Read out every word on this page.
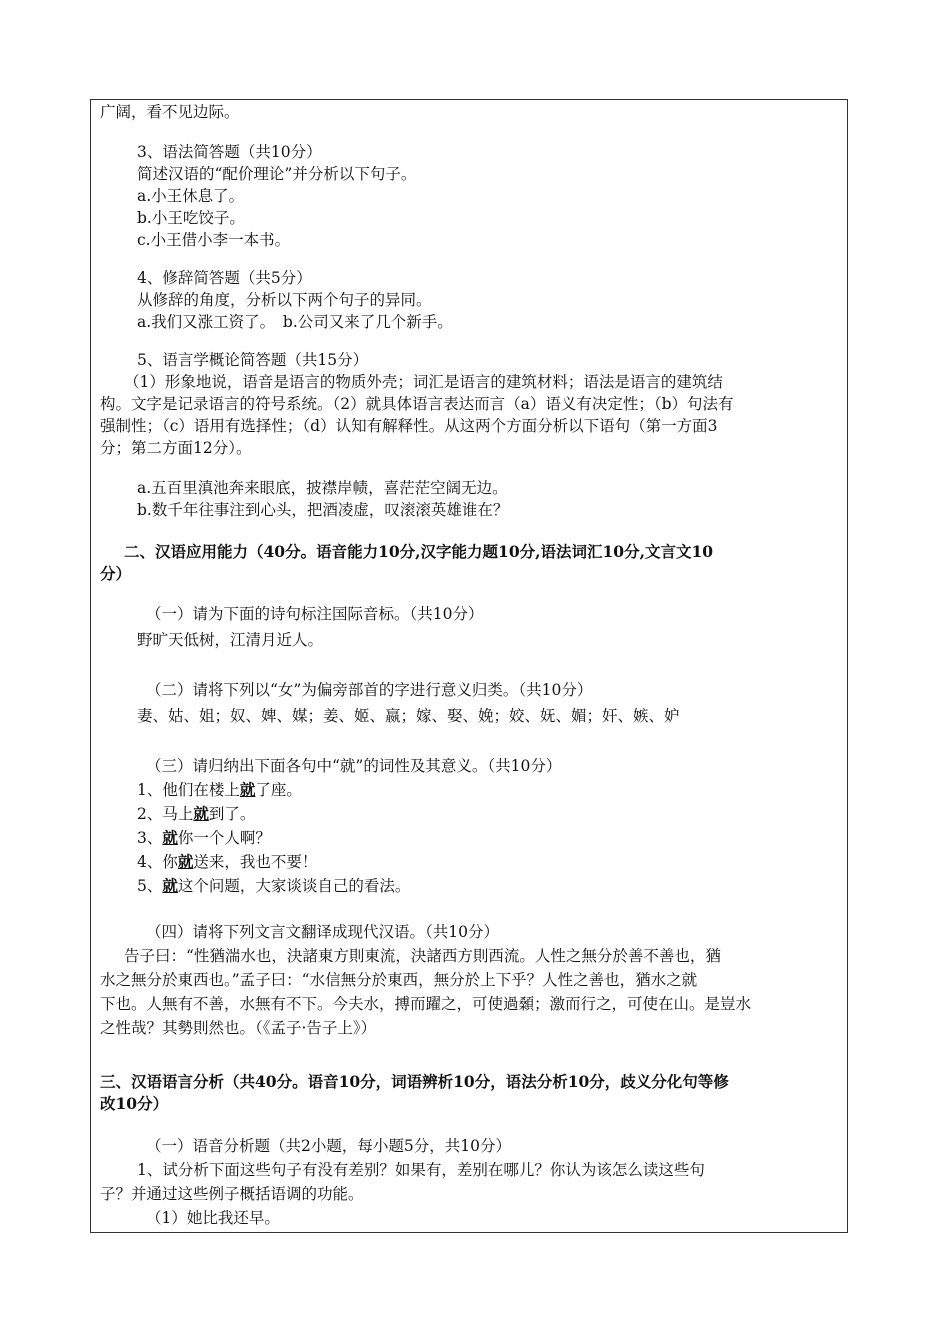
广阔，看不见边际。
3、语法简答题（共10分）
简述汉语的“配价理论”并分析以下句子。
a.小王休息了。
b.小王吃饺子。
c.小王借小李一本书。
4、修辞简答题（共5分）
从修辞的角度，分析以下两个句子的异同。
a.我们又涨工资了。　b.公司又来了几个新手。
5、语言学概论简答题（共15分）
（1）形象地说，语音是语言的物质外壳；词汇是语言的建筑材料；语法是语言的建筑结
构。文字是记录语言的符号系统。（2）就具体语言表达而言（a）语义有决定性；（b）句法有
强制性；（c）语用有选择性；（d）认知有解释性。从这两个方面分析以下语句（第一方面3
分；第二方面12分）。
a.五百里滇池奔来眼底，披襟岸帻，喜茫茫空阔无边。
b.数千年往事注到心头，把酒凌虚，叹滚滚英雄谁在？
二、汉语应用能力（40分。语音能力10分,汉字能力题10分,语法词汇10分,文言文10
分）
（一）请为下面的诗句标注国际音标。（共10分）
野旷天低树，江清月近人。
（二）请将下列以“女”为偏旁部首的字进行意义归类。（共10分）
妻、姑、姐；奴、婢、媒；姜、姬、嬴；嫁、娶、娩；姣、妩、媚；奸、嫉、妒
（三）请归纳出下面各句中“就”的词性及其意义。（共10分）
1、他们在楼上就了座。
2、马上就到了。
3、就你一个人啊？
4、你就送来，我也不要！
5、就这个问题，大家谈谈自己的看法。
（四）请将下列文言文翻译成现代汉语。（共10分）
告子曰：“性猶湍水也，決諸東方則東流，決諸西方則西流。人性之無分於善不善也，猶
水之無分於東西也。”孟子曰：“水信無分於東西，無分於上下乎？人性之善也，猶水之就
下也。人無有不善，水無有不下。今夫水，搏而躍之，可使過顙；激而行之，可使在山。是豈水
之性哉？其勢則然也。（《孟子·告子上》）
三、汉语语言分析（共40分。语音10分，词语辨析10分，语法分析10分，歧义分化句等修
改10分）
（一）语音分析题（共2小题，每小题5分，共10分）
1、试分析下面这些句子有没有差别？如果有，差别在哪儿？你认为该怎么读这些句
子？并通过这些例子概括语调的功能。
（1）她比我还早。
